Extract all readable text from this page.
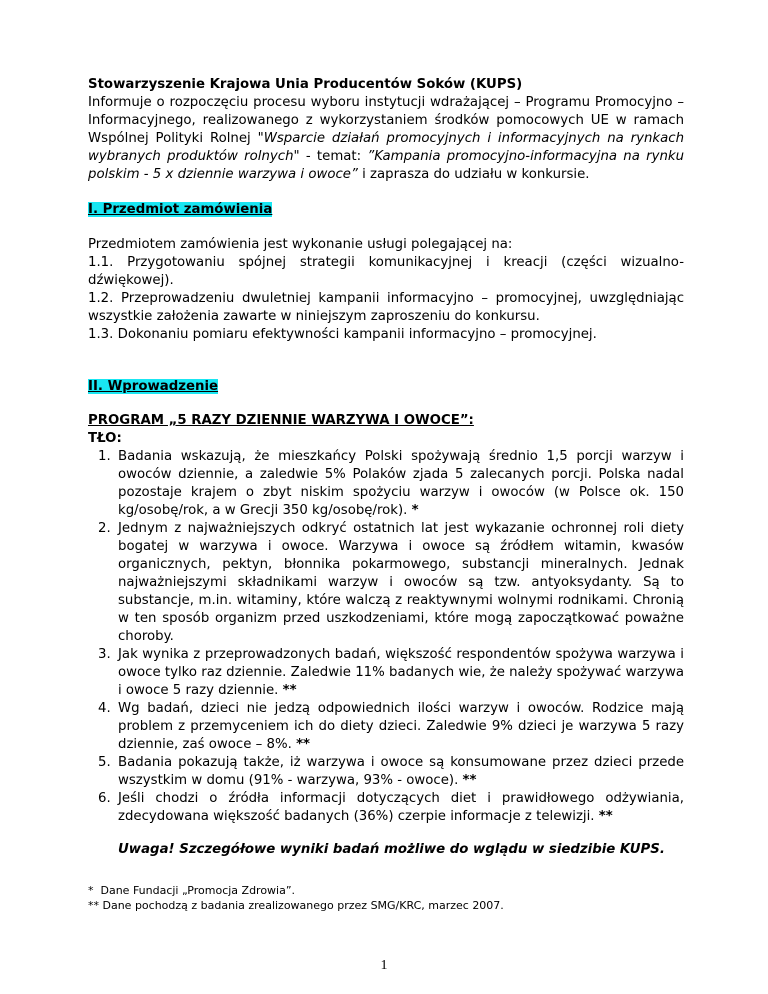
Stowarzyszenie Krajowa Unia Producentów Soków (KUPS)

Informuje o rozpoczęciu procesu wyboru instytucji wdrażającej – Programu Promocyjno – Informacyjnego, realizowanego z wykorzystaniem środków pomocowych UE w ramach Wspólnej Polityki Rolnej "Wsparcie działań promocyjnych i informacyjnych na rynkach wybranych produktów rolnych" - temat: ”Kampania promocyjno-informacyjna na rynku polskim - 5 x dziennie warzywa i owoce” i zaprasza do udziału w konkursie.

I. Przedmiot zamówienia

Przedmiotem zamówienia jest wykonanie usługi polegającej na:

1.1. Przygotowaniu spójnej strategii komunikacyjnej i kreacji (części wizualno-dźwiękowej).

1.2. Przeprowadzeniu dwuletniej kampanii informacyjno – promocyjnej, uwzględniając wszystkie założenia zawarte w niniejszym zaproszeniu do konkursu.

1.3. Dokonaniu pomiaru efektywności kampanii informacyjno – promocyjnej.

II. Wprowadzenie

PROGRAM „5 RAZY DZIENNIE WARZYWA I OWOCE”:

TŁO:

1. Badania wskazują, że mieszkańcy Polski spożywają średnio 1,5 porcji warzyw i owoców dziennie, a zaledwie 5% Polaków zjada 5 zalecanych porcji. Polska nadal pozostaje krajem o zbyt niskim spożyciu warzyw i owoców (w Polsce ok. 150 kg/osobę/rok, a w Grecji 350 kg/osobę/rok). *
2. Jednym z najważniejszych odkryć ostatnich lat jest wykazanie ochronnej roli diety bogatej w warzywa i owoce. Warzywa i owoce są źródłem witamin, kwasów organicznych, pektyn, błonnika pokarmowego, substancji mineralnych. Jednak najważniejszymi składnikami warzyw i owoców są tzw. antyoksydanty. Są to substancje, m.in. witaminy, które walczą z reaktywnymi wolnymi rodnikami. Chronią w ten sposób organizm przed uszkodzeniami, które mogą zapoczątkować poważne choroby.
3. Jak wynika z przeprowadzonych badań, większość respondentów spożywa warzywa i owoce tylko raz dziennie. Zaledwie 11% badanych wie, że należy spożywać warzywa i owoce 5 razy dziennie. **
4. Wg badań, dzieci nie jedzą odpowiednich ilości warzyw i owoców. Rodzice mają problem z przemyceniem ich do diety dzieci. Zaledwie 9% dzieci je warzywa 5 razy dziennie, zaś owoce – 8%. **
5. Badania pokazują także, iż warzywa i owoce są konsumowane przez dzieci przede wszystkim w domu (91% - warzywa, 93% - owoce). **
6. Jeśli chodzi o źródła informacji dotyczących diet i prawidłowego odżywiania, zdecydowana większość badanych (36%) czerpie informacje z telewizji. **

Uwaga! Szczegółowe wyniki badań możliwe do wglądu w siedzibie KUPS.

*  Dane Fundacji „Promocja Zdrowia”.

** Dane pochodzą z badania zrealizowanego przez SMG/KRC, marzec 2007.

1
